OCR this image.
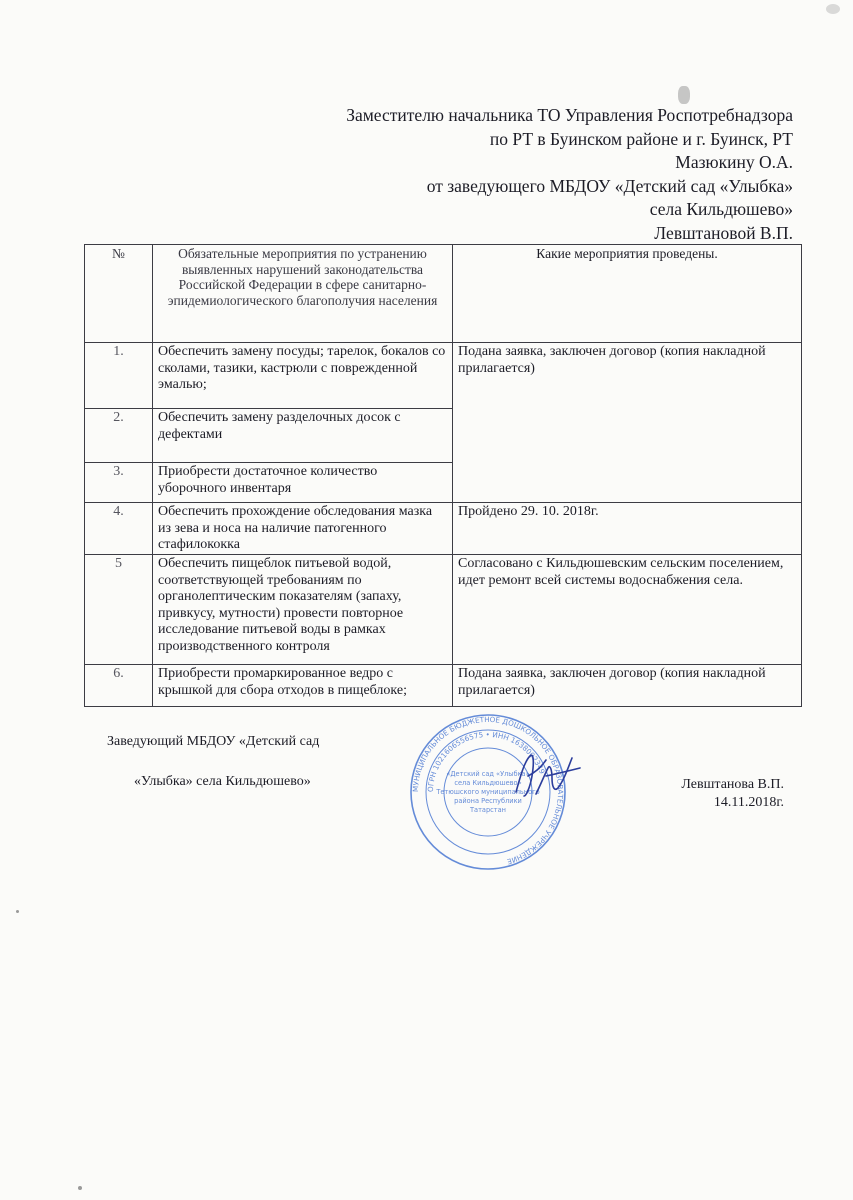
Заместителю начальника ТО Управления Роспотребнадзора
по РТ в Буинском районе и г. Буинск, РТ
Мазюкину О.А.
от заведующего МБДОУ «Детский сад «Улыбка»
села Кильдюшево»
Левштановой В.П.
№	Обязательные мероприятия по устранению выявленных нарушений законодательства Российской Федерации в сфере санитарно-эпидемиологического благополучия населения	Какие мероприятия проведены.
1.	Обеспечить замену посуды; тарелок, бокалов со сколами, тазики, кастрюли с поврежденной эмалью;	Подана заявка, заключен договор (копия накладной прилагается)
2.	Обеспечить замену разделочных досок с дефектами	
3.	Приобрести достаточное количество уборочного инвентаря	
4.	Обеспечить прохождение обследования мазка из зева и носа на наличие патогенного стафилококка	Пройдено 29. 10. 2018г.
5	Обеспечить пищеблок питьевой водой, соответствующей требованиям по органолептическим показателям (запаху, привкусу, мутности) провести повторное исследование питьевой воды в рамках производственного контроля	Согласовано с Кильдюшевским сельским поселением, идет ремонт всей системы водоснабжения села.
6.	Приобрести промаркированное ведро с крышкой для сбора отходов в пищеблоке;	Подана заявка, заключен договор (копия накладной прилагается)
Заведующий МБДОУ «Детский сад
«Улыбка» села Кильдюшево»	Левштанова В.П.
14.11.2018г.
МУНИЦИПАЛЬНОЕ БЮДЖЕТНОЕ ДОШКОЛЬНОЕ ОБРАЗОВАТЕЛЬНОЕ УЧРЕЖДЕНИЕ
ОГРН 1021606556575 • ИНН 1638002349
«Детский сад «Улыбка»
села Кильдюшево»
Тетюшского муниципального
района Республики
Татарстан
